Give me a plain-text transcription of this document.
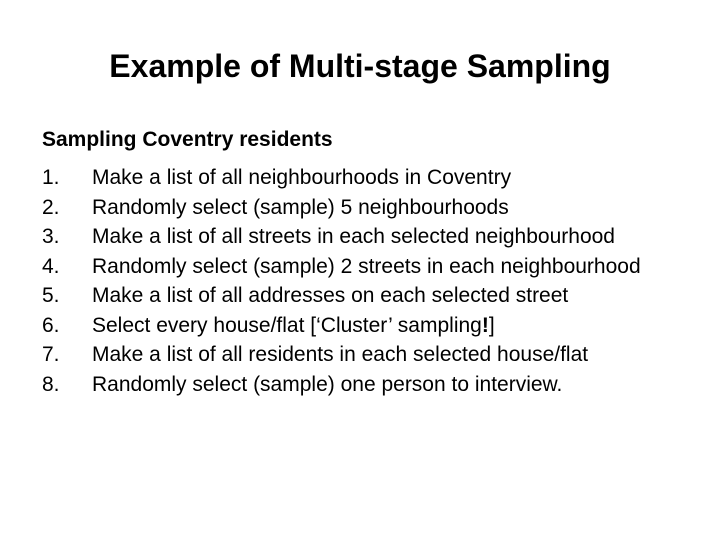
Example of Multi-stage Sampling
Sampling Coventry residents
1.	Make a list of all neighbourhoods in Coventry
2.	Randomly select (sample) 5 neighbourhoods
3.	Make a list of all streets in each selected neighbourhood
4.	Randomly select (sample) 2 streets in each neighbourhood
5.	Make a list of all addresses on each selected street
6.	Select every house/flat [‘Cluster’ sampling!]
7.	Make a list of all residents in each selected house/flat
8.	Randomly select (sample) one person to interview.
